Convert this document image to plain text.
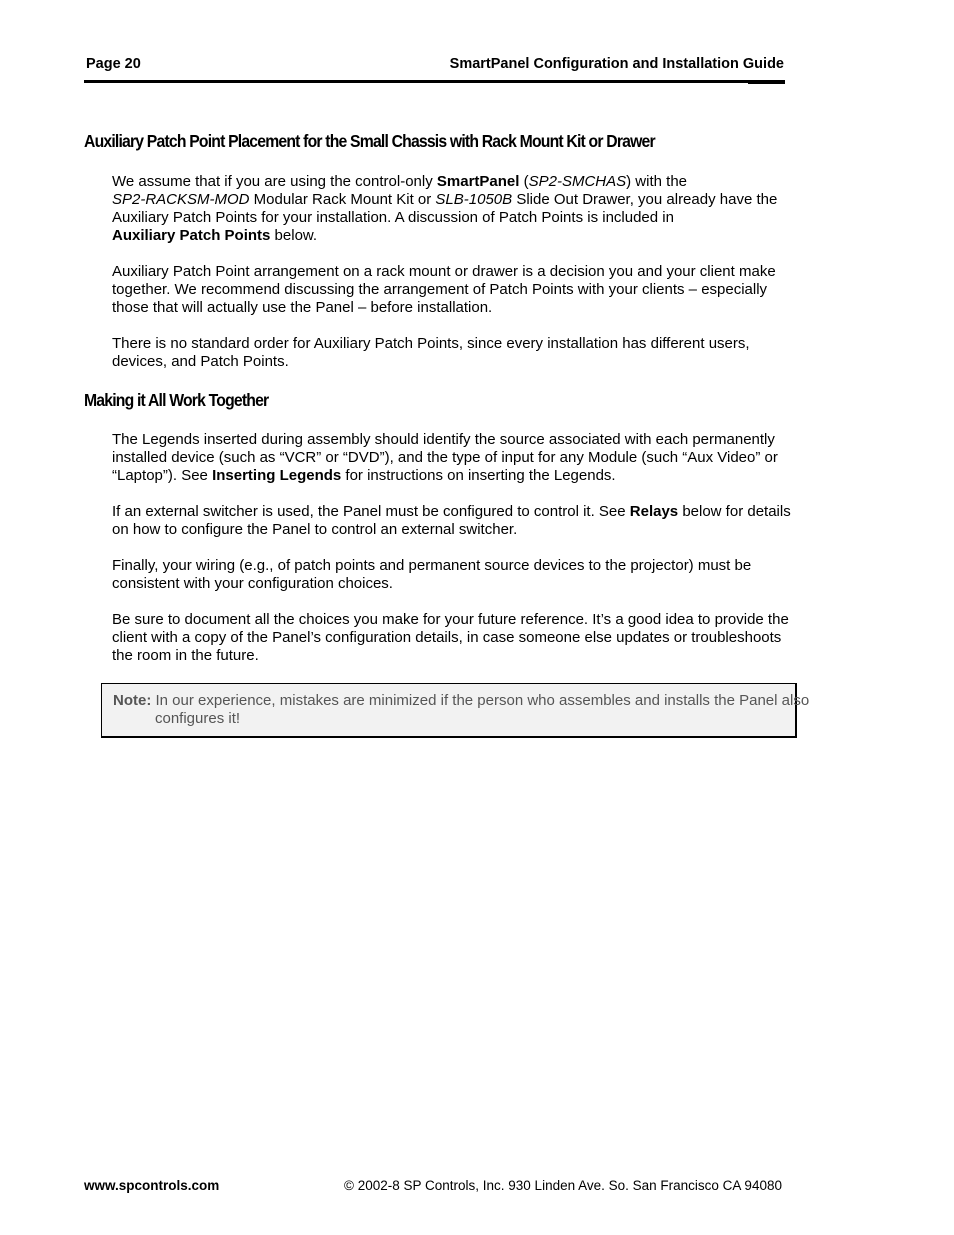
Page 20	SmartPanel Configuration and Installation Guide
Auxiliary Patch Point Placement for the Small Chassis with Rack Mount Kit or Drawer

We assume that if you are using the control-only SmartPanel (SP2-SMCHAS) with the
SP2-RACKSM-MOD Modular Rack Mount Kit or SLB-1050B Slide Out Drawer, you already have the Auxiliary Patch Points for your installation. A discussion of Patch Points is included in
Auxiliary Patch Points below.

Auxiliary Patch Point arrangement on a rack mount or drawer is a decision you and your client make together. We recommend discussing the arrangement of Patch Points with your clients – especially those that will actually use the Panel – before installation.

There is no standard order for Auxiliary Patch Points, since every installation has different users, devices, and Patch Points.

Making it All Work Together

The Legends inserted during assembly should identify the source associated with each permanently installed device (such as “VCR” or “DVD”), and the type of input for any Module (such “Aux Video” or “Laptop”). See Inserting Legends for instructions on inserting the Legends.

If an external switcher is used, the Panel must be configured to control it. See Relays below for details on how to configure the Panel to control an external switcher.

Finally, your wiring (e.g., of patch points and permanent source devices to the projector) must be consistent with your configuration choices.

Be sure to document all the choices you make for your future reference. It’s a good idea to provide the client with a copy of the Panel’s configuration details, in case someone else updates or troubleshoots the room in the future.

Note: In our experience, mistakes are minimized if the person who assembles and installs the Panel also configures it!
www.spcontrols.com	© 2002-8 SP Controls, Inc. 930 Linden Ave. So. San Francisco CA 94080
